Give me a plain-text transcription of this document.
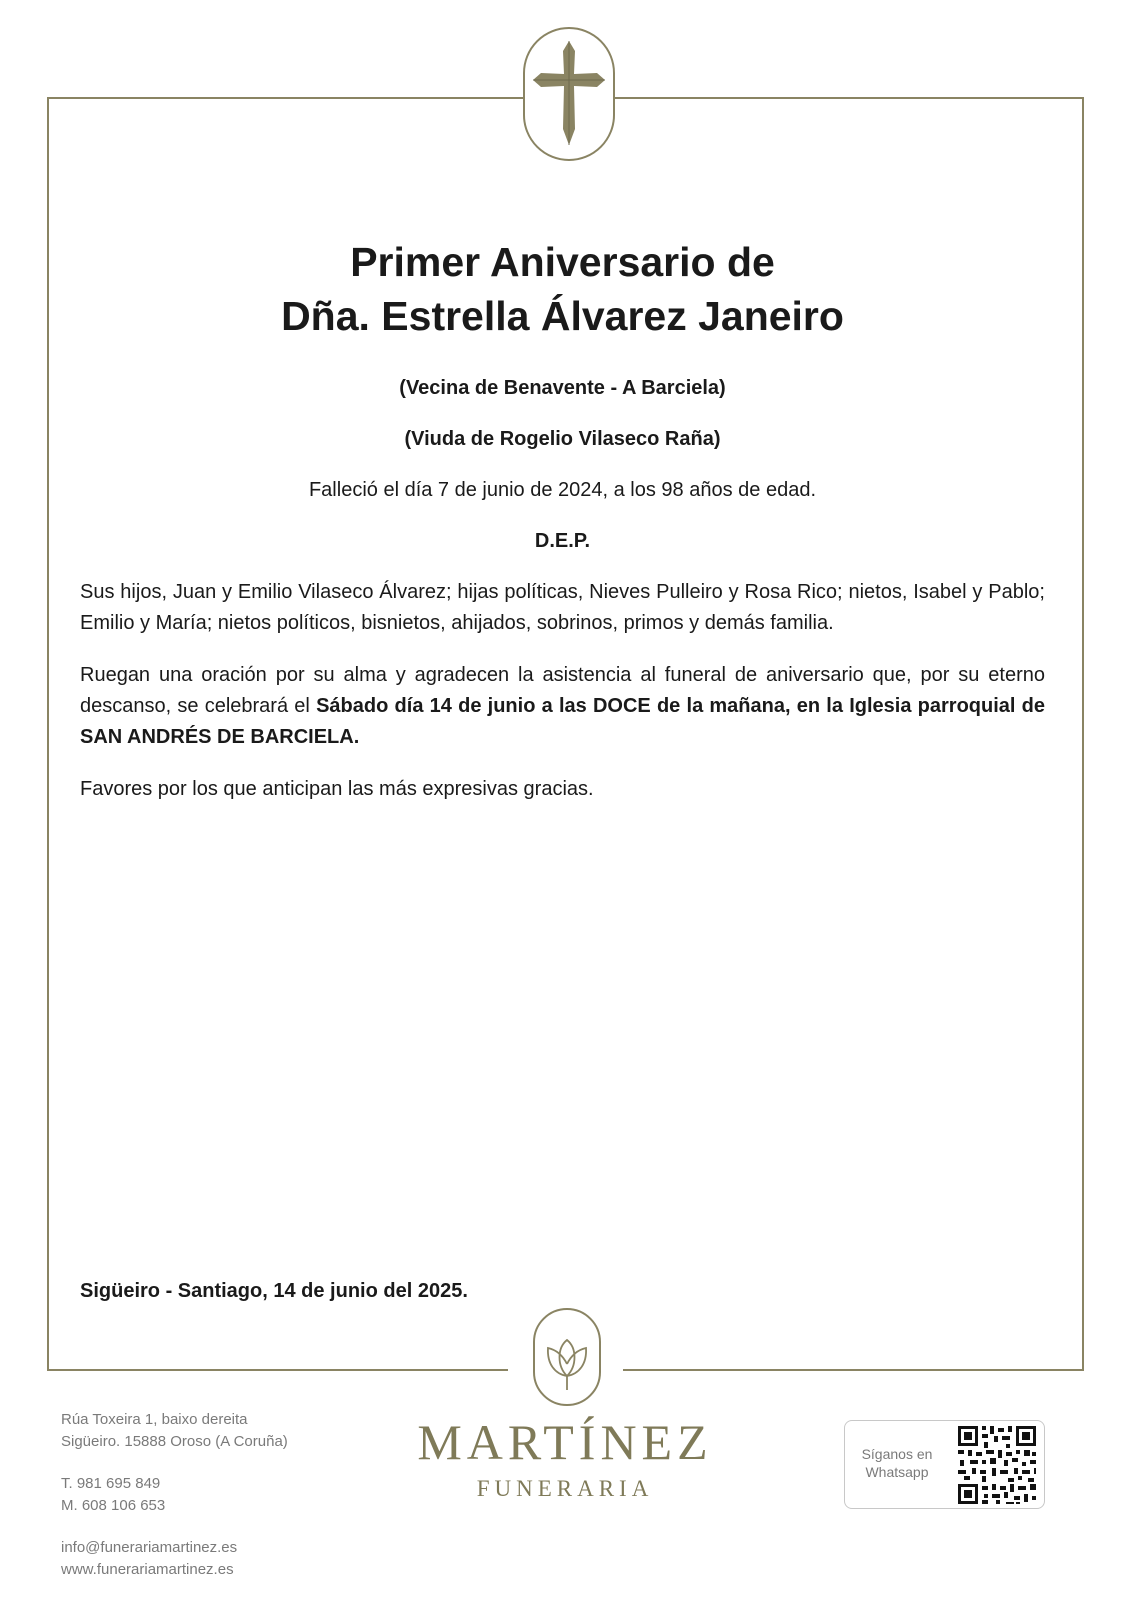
Primer Aniversario de

Dña. Estrella Álvarez Janeiro

(Vecina de Benavente - A Barciela)

(Viuda de Rogelio Vilaseco Raña)

Falleció el día 7 de junio de 2024, a los 98 años de edad.

D.E.P.

Sus hijos, Juan y Emilio Vilaseco Álvarez; hijas políticas, Nieves Pulleiro y Rosa Rico; nietos, Isabel y Pablo; Emilio y María; nietos políticos, bisnietos, ahijados, sobrinos, primos y demás familia.

Ruegan una oración por su alma y agradecen la asistencia al funeral de aniversario que, por su eterno descanso, se celebrará el Sábado día 14 de junio a las DOCE de la mañana, en la Iglesia parroquial de SAN ANDRÉS DE BARCIELA.

Favores por los que anticipan las más expresivas gracias.

Sigüeiro - Santiago, 14 de junio del 2025.
Rúa Toxeira 1, baixo dereita
Sigüeiro. 15888 Oroso (A Coruña)
T. 981 695 849
M. 608 106 653
info@funerariamartinez.es
www.funerariamartinez.es
MARTÍNEZ
FUNERARIA
Síganos en Whatsapp
